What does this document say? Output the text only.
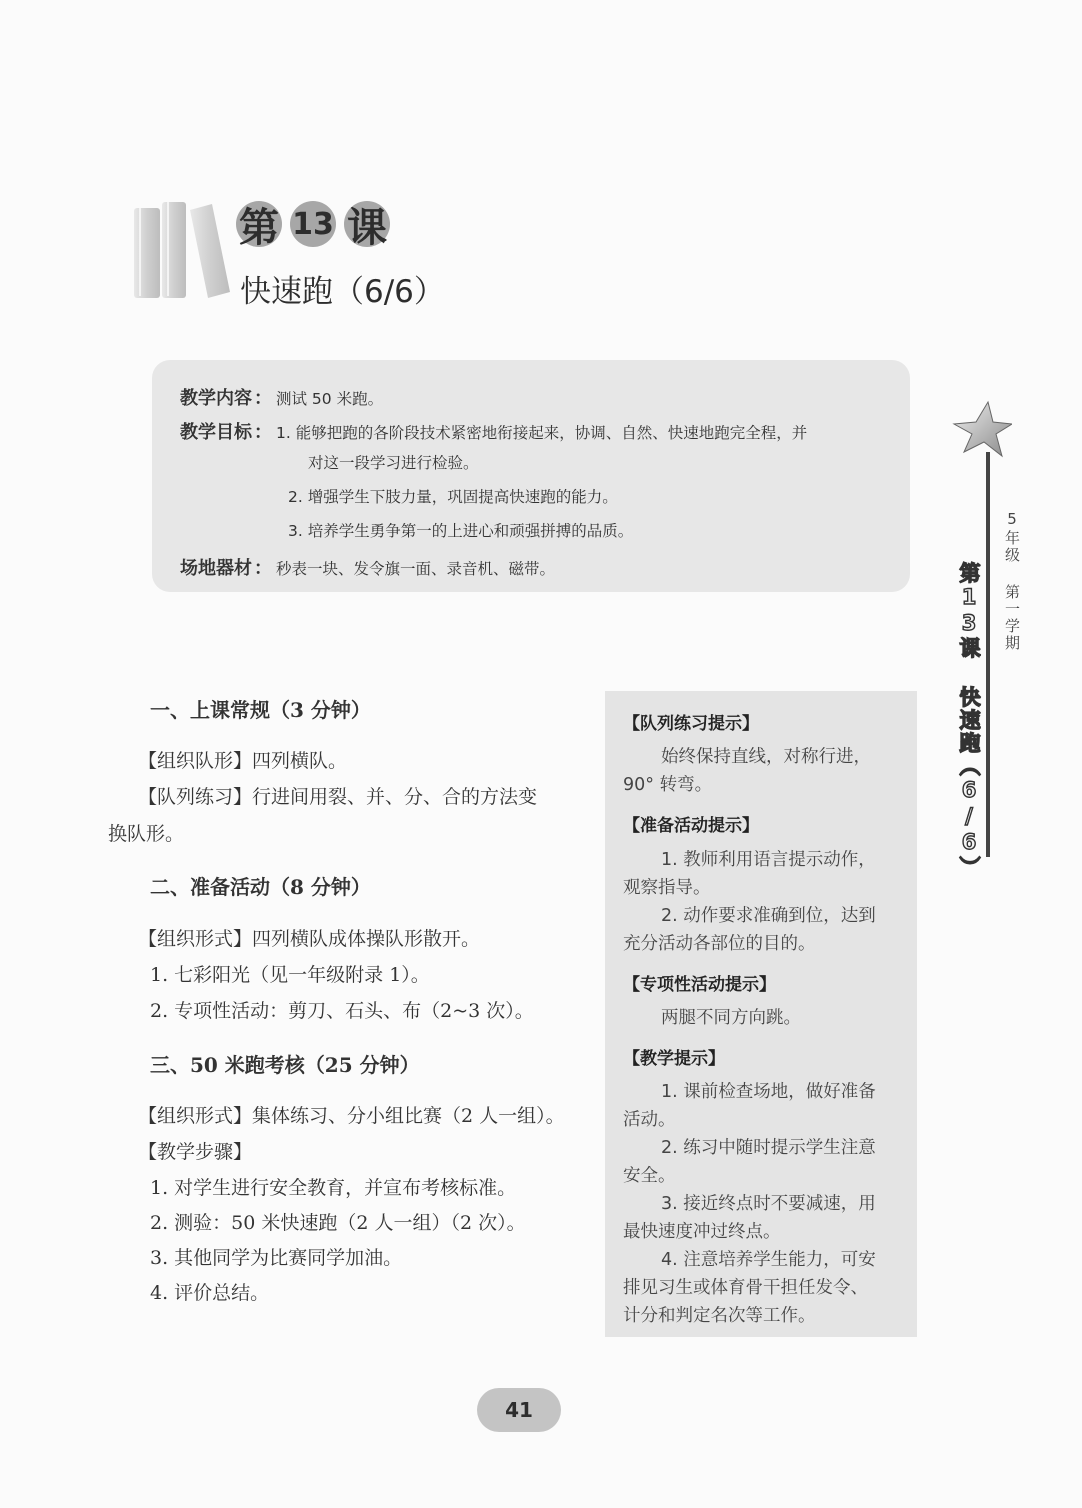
第 13 课
快速跑（6/6）
教学内容 ： 测试 50 米跑。
教学目标 ： 1. 能够把跑的各阶段技术紧密地衔接起来，协调、自然、快速地跑完全程，并
对这一段学习进行检验。
2. 增强学生下肢力量，巩固提高快速跑的能力。
3. 培养学生勇争第一的上进心和顽强拼搏的品质。
场地器材 ： 秒表一块、发令旗一面、录音机、磁带。	5年级 第一学期
第13课 快速跑（6/6）
一、上课常规（3 分钟）
【组织队形】四列横队。
【队列练习】行进间用裂、并、分、合的方法变
换队形。
二、准备活动（8 分钟）
【组织形式】四列横队成体操队形散开。
1. 七彩阳光（见一年级附录 1）。
2. 专项性活动：剪刀、石头、布（2~3 次）。
三、50 米跑考核（25 分钟）
【组织形式】集体练习、分小组比赛（2 人一组）。
【教学步骤】
1. 对学生进行安全教育，并宣布考核标准。
2. 测验：50 米快速跑（2 人一组）（2 次）。
3. 其他同学为比赛同学加油。
4. 评价总结。
【队列练习提示】
始终保持直线，对称行进，
90° 转弯。
【准备活动提示】
1. 教师利用语言提示动作，
观察指导。
2. 动作要求准确到位，达到
充分活动各部位的目的。
【专项性活动提示】
两腿不同方向跳。
【教学提示】
1. 课前检查场地，做好准备
活动。
2. 练习中随时提示学生注意
安全。
3. 接近终点时不要减速，用
最快速度冲过终点。
4. 注意培养学生能力，可安
排见习生或体育骨干担任发令、
计分和判定名次等工作。
41
